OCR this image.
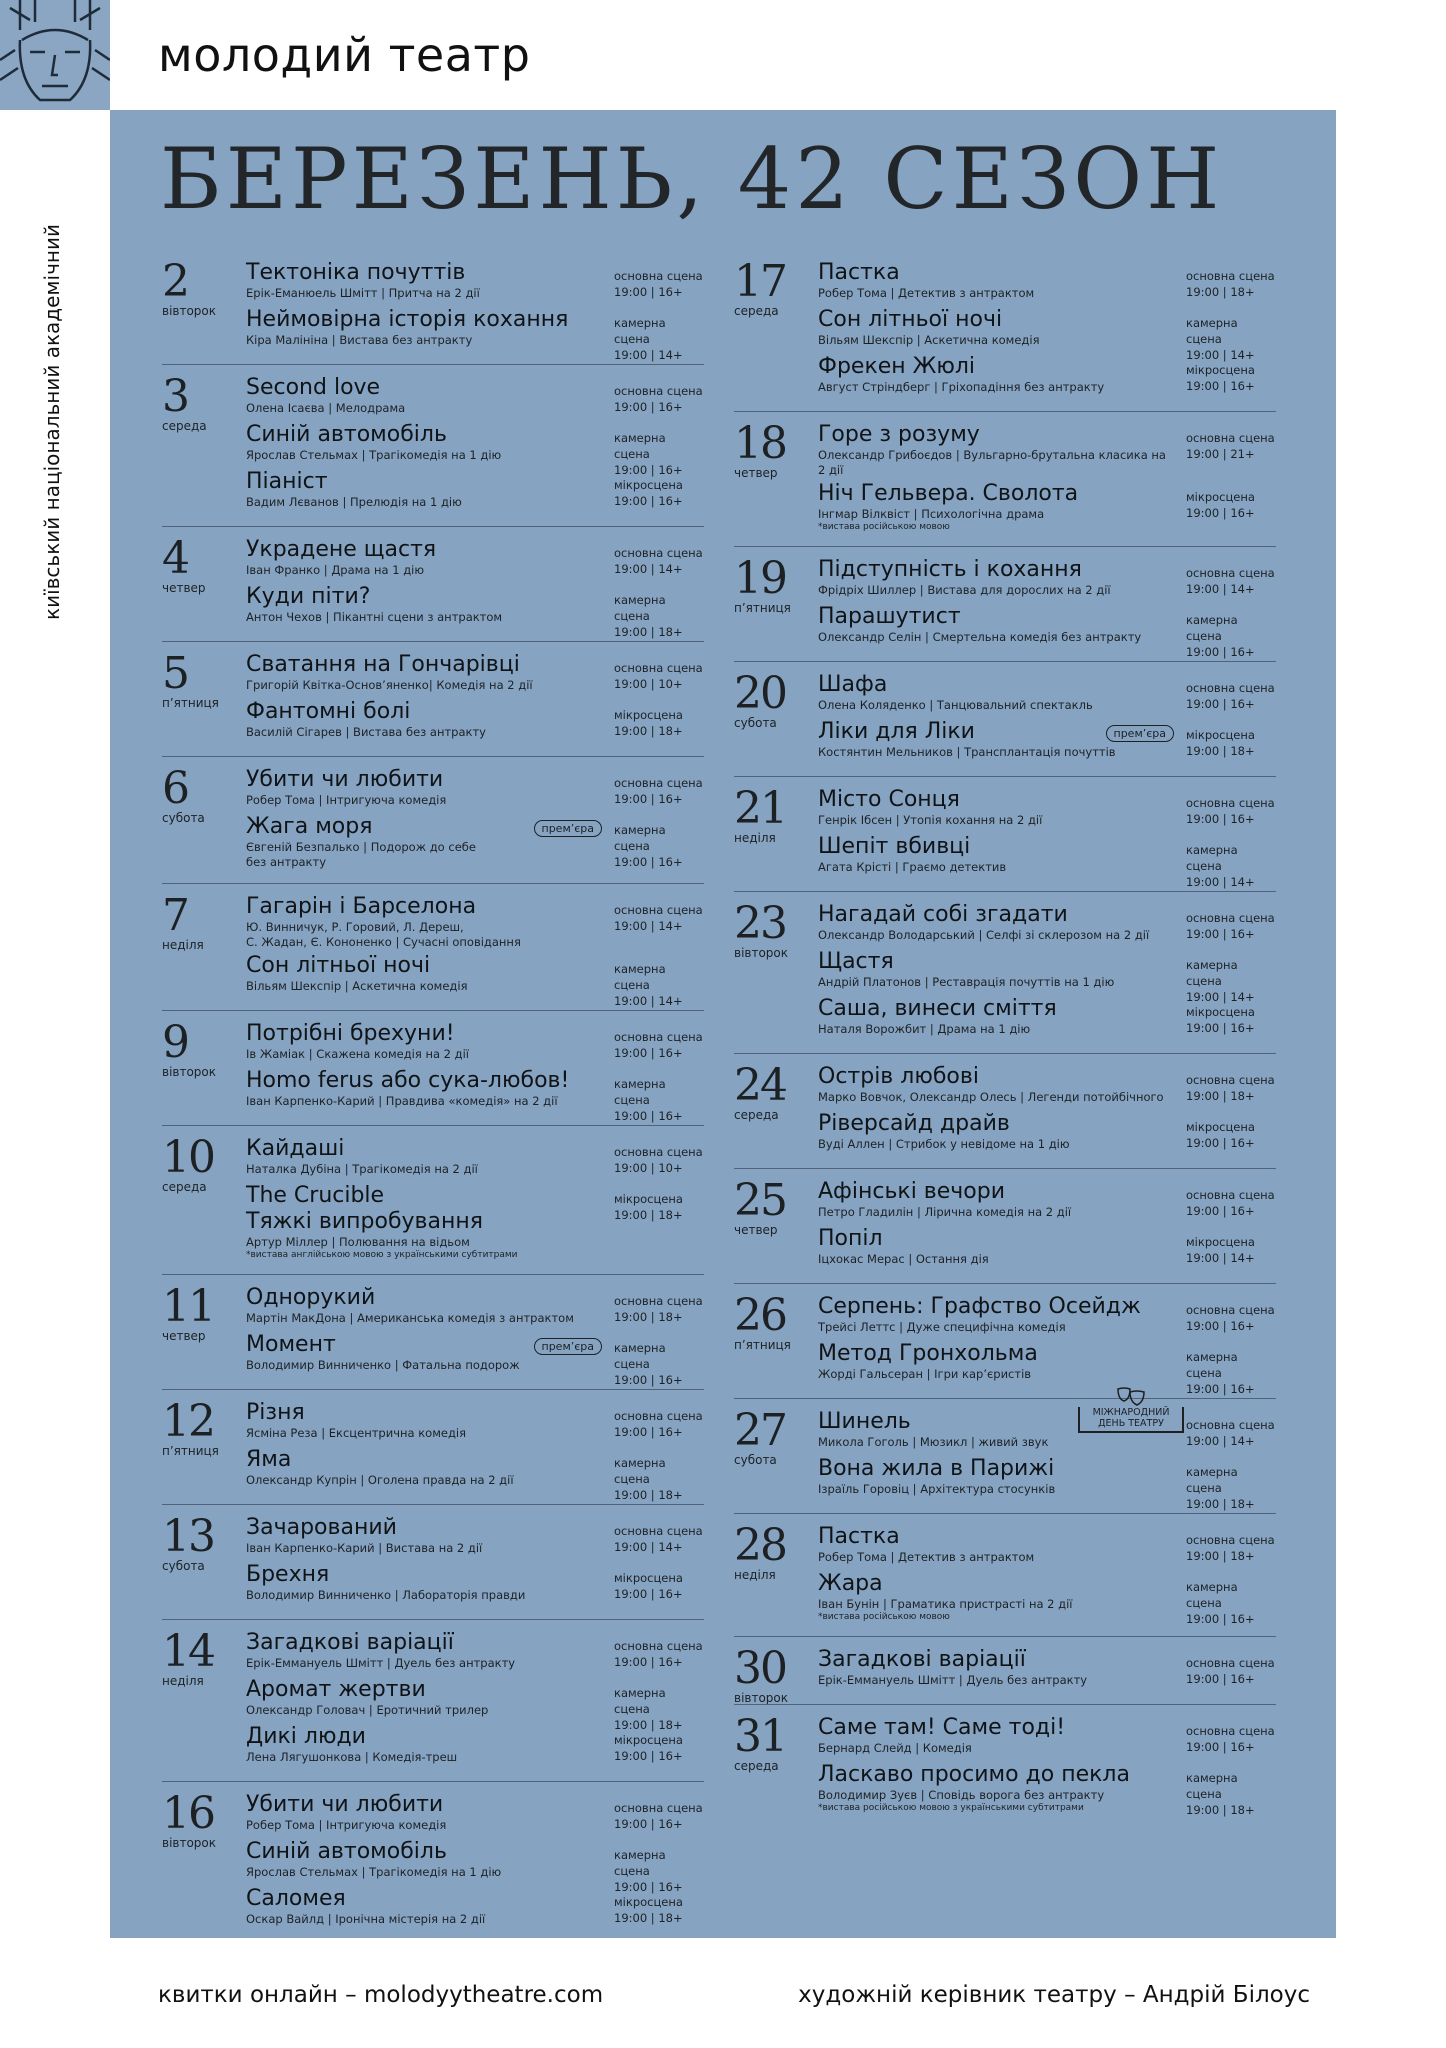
молодий театр
київський національний академічний
БЕРЕЗЕНЬ, 42 СЕЗОН
2
вівторок
Тектоніка почуттів
Ерік-Еманюель Шмітт | Притча на 2 дії
основна сцена
19:00 | 16+
Неймовірна історія кохання
Кіра Малініна | Вистава без антракту
камерна сцена
19:00 | 14+
3
середа
Second love
Олена Ісаєва | Мелодрама
основна сцена
19:00 | 16+
Синій автомобіль
Ярослав Стельмах | Трагікомедія на 1 дію
камерна сцена
19:00 | 16+
Піаніст
Вадим Лєванов | Прелюдія на 1 дію
мікросцена
19:00 | 16+
4
четвер
Украдене щастя
Іван Франко | Драма на 1 дію
основна сцена
19:00 | 14+
Куди піти?
Антон Чехов | Пікантні сцени з антрактом
камерна сцена
19:00 | 18+
5
п’ятниця
Сватання на Гончарівці
Григорій Квітка-Основ’яненко| Комедія на 2 дії
основна сцена
19:00 | 10+
Фантомні болі
Василій Сігарев | Вистава без антракту
мікросцена
19:00 | 18+
6
субота
Убити чи любити
Робер Тома | Інтригуюча комедія
основна сцена
19:00 | 16+
Жага моря
Євгеній Безпалько | Подорож до себе
без антракту
камерна сцена
19:00 | 16+
прем’єра
7
неділя
Гагарін і Барселона
Ю. Винничук, Р. Горовий, Л. Дереш,
С. Жадан, Є. Кононенко | Сучасні оповідання
основна сцена
19:00 | 14+
Сон літньої ночі
Вільям Шекспір | Аскетична комедія
камерна сцена
19:00 | 14+
9
вівторок
Потрібні брехуни!
Ів Жаміак | Скажена комедія на 2 дії
основна сцена
19:00 | 16+
Homo ferus або сука-любов!
Іван Карпенко-Карий | Правдива «комедія» на 2 дії
камерна сцена
19:00 | 16+
10
середа
Кайдаші
Наталка Дубіна | Трагікомедія на 2 дії
основна сцена
19:00 | 10+
The Crucible
Тяжкі випробування
Артур Міллер | Полювання на відьом
*вистава англійською мовою з українськими субтитрами
мікросцена
19:00 | 18+
11
четвер
Однорукий
Мартін МакДона | Американська комедія з антрактом
основна сцена
19:00 | 18+
Момент
Володимир Винниченко | Фатальна подорож
камерна сцена
19:00 | 16+
прем’єра
12
п’ятниця
Різня
Ясміна Реза | Ексцентрична комедія
основна сцена
19:00 | 16+
Яма
Олександр Купрін | Оголена правда на 2 дії
камерна сцена
19:00 | 18+
13
субота
Зачарований
Іван Карпенко-Карий | Вистава на 2 дії
основна сцена
19:00 | 14+
Брехня
Володимир Винниченко | Лабораторія правди
мікросцена
19:00 | 16+
14
неділя
Загадкові варіації
Ерік-Еммануель Шмітт | Дуель без антракту
основна сцена
19:00 | 16+
Аромат жертви
Олександр Головач | Еротичний трилер
камерна сцена
19:00 | 18+
Дикі люди
Лена Лягушонкова | Комедія-треш
мікросцена
19:00 | 16+
16
вівторок
Убити чи любити
Робер Тома | Інтригуюча комедія
основна сцена
19:00 | 16+
Синій автомобіль
Ярослав Стельмах | Трагікомедія на 1 дію
камерна сцена
19:00 | 16+
Саломея
Оскар Вайлд | Іронічна містерія на 2 дії
мікросцена
19:00 | 18+
17
середа
Пастка
Робер Тома | Детектив з антрактом
основна сцена
19:00 | 18+
Сон літньої ночі
Вільям Шекспір | Аскетична комедія
камерна сцена
19:00 | 14+
Фрекен Жюлі
Август Стріндберг | Гріхопадіння без антракту
мікросцена
19:00 | 16+
18
четвер
Горе з розуму
Олександр Грибоєдов | Вульгарно-брутальна класика на 2 дії
основна сцена
19:00 | 21+
Ніч Гельвера. Сволота
Інгмар Вілквіст | Психологічна драма
*вистава російською мовою
мікросцена
19:00 | 16+
19
п’ятниця
Підступність і кохання
Фрідріх Шиллер | Вистава для дорослих на 2 дії
основна сцена
19:00 | 14+
Парашутист
Олександр Селін | Смертельна комедія без антракту
камерна сцена
19:00 | 16+
20
субота
Шафа
Олена Коляденко | Танцювальний спектакль
основна сцена
19:00 | 16+
Ліки для Ліки
Костянтин Мельников | Трансплантація почуттів
мікросцена
19:00 | 18+
прем’єра
21
неділя
Місто Сонця
Генрік Ібсен | Утопія кохання на 2 дії
основна сцена
19:00 | 16+
Шепіт вбивці
Агата Крісті | Граємо детектив
камерна сцена
19:00 | 14+
23
вівторок
Нагадай собі згадати
Олександр Володарський | Селфі зі склерозом на 2 дії
основна сцена
19:00 | 16+
Щастя
Андрій Платонов | Реставрація почуттів на 1 дію
камерна сцена
19:00 | 14+
Саша, винеси сміття
Наталя Ворожбит | Драма на 1 дію
мікросцена
19:00 | 16+
24
середа
Острів любові
Марко Вовчок, Олександр Олесь | Легенди потойбічного
основна сцена
19:00 | 18+
Ріверсайд драйв
Вуді Аллен | Стрибок у невідоме на 1 дію
мікросцена
19:00 | 16+
25
четвер
Афінські вечори
Петро Гладилін | Лірична комедія на 2 дії
основна сцена
19:00 | 16+
Попіл
Іцхокас Мерас | Остання дія
мікросцена
19:00 | 14+
26
п’ятниця
Серпень: Графство Осейдж
Трейсі Леттс | Дуже специфічна комедія
основна сцена
19:00 | 16+
Метод Гронхольма
Жорді Гальсеран | Ігри кар’єристів
камерна сцена
19:00 | 16+
27
субота
Шинель
Микола Гоголь | Мюзикл | живий звук
основна сцена
19:00 | 14+
Вона жила в Парижі
Ізраїль Горовіц | Архітектура стосунків
камерна сцена
19:00 | 18+
28
неділя
Пастка
Робер Тома | Детектив з антрактом
основна сцена
19:00 | 18+
Жара
Іван Бунін | Граматика пристрасті на 2 дії
*вистава російською мовою
камерна сцена
19:00 | 16+
30
вівторок
Загадкові варіації
Ерік-Еммануель Шмітт | Дуель без антракту
основна сцена
19:00 | 16+
31
середа
Саме там! Саме тоді!
Бернард Слейд | Комедія
основна сцена
19:00 | 16+
Ласкаво просимо до пекла
Володимир Зуєв | Сповідь ворога без антракту
*вистава російською мовою з українськими субтитрами
камерна сцена
19:00 | 18+
МІЖНАРОДНИЙ ДЕНЬ ТЕАТРУ
квитки онлайн – molodyytheatre.com	художній керівник театру – Андрій Білоус
